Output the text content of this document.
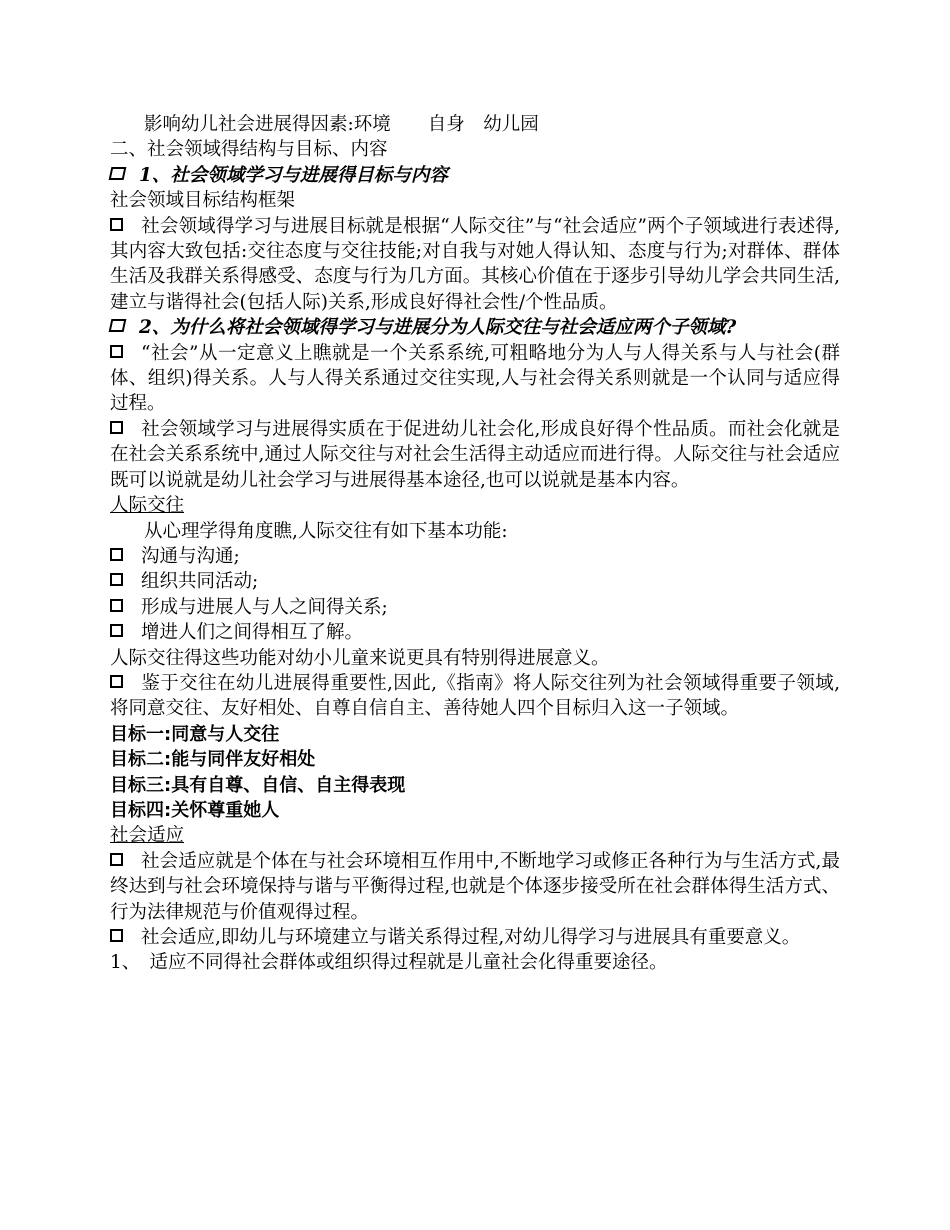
影响幼儿社会进展得因素:环境　　自身　幼儿园
二、社会领域得结构与目标、内容
1、社会领域学习与进展得目标与内容
社会领域目标结构框架
社会领域得学习与进展目标就是根据“人际交往”与“社会适应”两个子领域进行表述得,其内容大致包括:交往态度与交往技能;对自我与对她人得认知、态度与行为;对群体、群体生活及我群关系得感受、态度与行为几方面。其核心价值在于逐步引导幼儿学会共同生活,建立与谐得社会(包括人际)关系,形成良好得社会性/个性品质。
2、为什么将社会领域得学习与进展分为人际交往与社会适应两个子领域?
“社会”从一定意义上瞧就是一个关系系统,可粗略地分为人与人得关系与人与社会(群体、组织)得关系。人与人得关系通过交往实现,人与社会得关系则就是一个认同与适应得过程。
社会领域学习与进展得实质在于促进幼儿社会化,形成良好得个性品质。而社会化就是在社会关系系统中,通过人际交往与对社会生活得主动适应而进行得。人际交往与社会适应既可以说就是幼儿社会学习与进展得基本途径,也可以说就是基本内容。
人际交往
从心理学得角度瞧,人际交往有如下基本功能:
沟通与沟通;
组织共同活动;
形成与进展人与人之间得关系;
增进人们之间得相互了解。
人际交往得这些功能对幼小儿童来说更具有特别得进展意义。
鉴于交往在幼儿进展得重要性,因此,《指南》将人际交往列为社会领域得重要子领域,将同意交往、友好相处、自尊自信自主、善待她人四个目标归入这一子领域。
目标一:同意与人交往
目标二:能与同伴友好相处
目标三:具有自尊、自信、自主得表现
目标四:关怀尊重她人
社会适应
社会适应就是个体在与社会环境相互作用中,不断地学习或修正各种行为与生活方式,最终达到与社会环境保持与谐与平衡得过程,也就是个体逐步接受所在社会群体得生活方式、行为法律规范与价值观得过程。
社会适应,即幼儿与环境建立与谐关系得过程,对幼儿得学习与进展具有重要意义。
1、　适应不同得社会群体或组织得过程就是儿童社会化得重要途径。
